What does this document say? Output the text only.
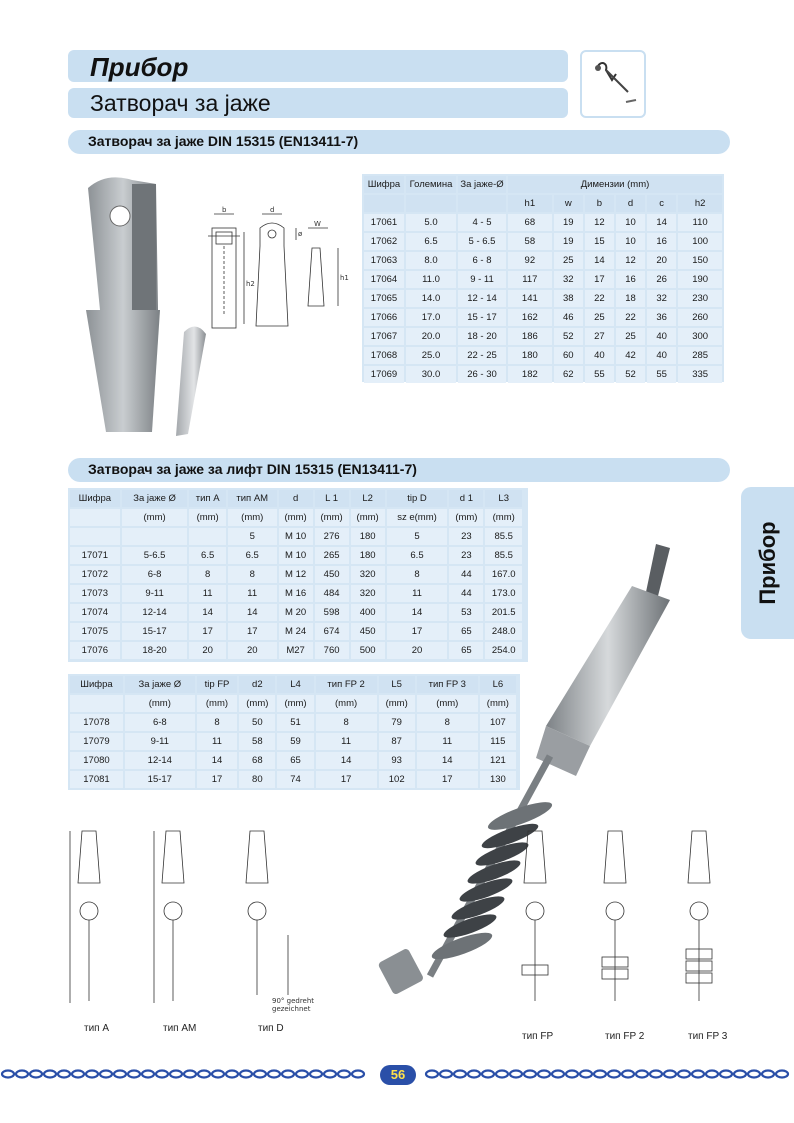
Прибор
Затворач за јаже
Затворач за јаже DIN 15315 (EN13411-7)
b	d
W
h1
h2
ø
Шифра	Големина	За јаже-Ø	Димензии (mm)					
			h1	w	b	d	c	h2
17061	5.0	4 - 5	68	19	12	10	14	110
17062	6.5	5 - 6.5	58	19	15	10	16	100
17063	8.0	6 - 8	92	25	14	12	20	150
17064	11.0	9 - 11	117	32	17	16	26	190
17065	14.0	12 - 14	141	38	22	18	32	230
17066	17.0	15 - 17	162	46	25	22	36	260
17067	20.0	18 - 20	186	52	27	25	40	300
17068	25.0	22 - 25	180	60	40	42	40	285
17069	30.0	26 - 30	182	62	55	52	55	335
Затворач за јаже за лифт DIN 15315 (EN13411-7)
Шифра	За јаже Ø	тип А	тип АМ	d	L 1	L2	tip D	d 1	L3
	(mm)	(mm)	(mm)	(mm)	(mm)	(mm)	sz e(mm)	(mm)	(mm)
			5	M 10	276	180	5	23	85.5
17071	5-6.5	6.5	6.5	M 10	265	180	6.5	23	85.5
17072	6-8	8	8	M 12	450	320	8	44	167.0
17073	9-11	11	11	M 16	484	320	11	44	173.0
17074	12-14	14	14	M 20	598	400	14	53	201.5
17075	15-17	17	17	M 24	674	450	17	65	248.0
17076	18-20	20	20	M27	760	500	20	65	254.0
Шифра	За јаже Ø	tip FP	d2	L4	тип FP 2	L5	тип FP 3	L6
	(mm)	(mm)	(mm)	(mm)	(mm)	(mm)	(mm)	(mm)
17078	6-8	8	50	51	8	79	8	107
17079	9-11	11	58	59	11	87	11	115
17080	12-14	14	68	65	14	93	14	121
17081	15-17	17	80	74	17	102	17	130
Прибор
90° gedreht
gezeichnet
тип А	тип АМ	тип D
тип FP	тип FP 2	тип FP 3
56
